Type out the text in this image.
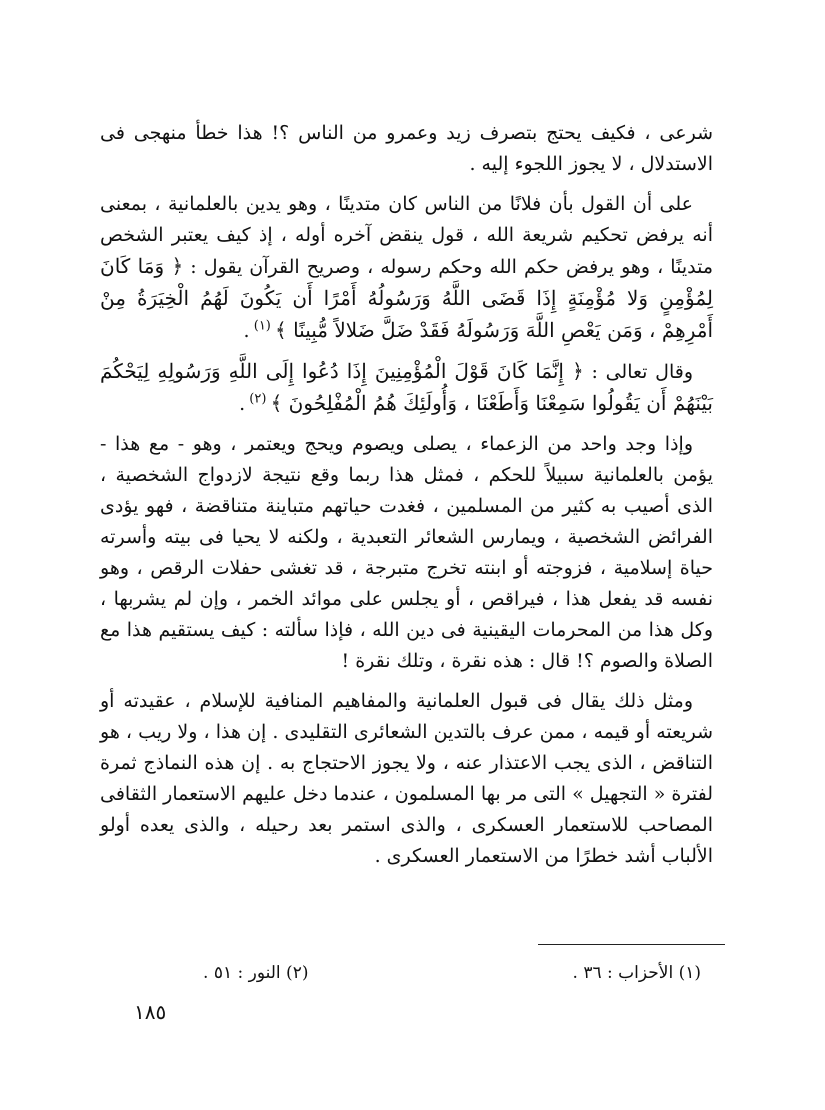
شرعى ، فكيف يحتج بتصرف زيد وعمرو من الناس ؟! هذا خطأ منهجى فى الاستدلال ، لا يجوز اللجوء إليه .

على أن القول بأن فلانًا من الناس كان متدينًا ، وهو يدين بالعلمانية ، بمعنى أنه يرفض تحكيم شريعة الله ، قول ينقض آخره أوله ، إذ كيف يعتبر الشخص متدينًا ، وهو يرفض حكم الله وحكم رسوله ، وصريح القرآن يقول : ﴿ وَمَا كَانَ لِمُؤْمِنٍ وَلا مُؤْمِنَةٍ إِذَا قَضَى اللَّهُ وَرَسُولُهُ أَمْرًا أَن يَكُونَ لَهُمُ الْخِيَرَةُ مِنْ أَمْرِهِمْ ، وَمَن يَعْصِ اللَّهَ وَرَسُولَهُ فَقَدْ ضَلَّ ضَلالاً مُّبِينًا ﴾ $^{(١)}$ .

وقال تعالى : ﴿ إِنَّمَا كَانَ قَوْلَ الْمُؤْمِنِينَ إِذَا دُعُوا إِلَى اللَّهِ وَرَسُولِهِ لِيَحْكُمَ بَيْنَهُمْ أَن يَقُولُوا سَمِعْنَا وَأَطَعْنَا ، وَأُولَئِكَ هُمُ الْمُفْلِحُونَ ﴾ $^{(٢)}$ .

وإذا وجد واحد من الزعماء ، يصلى ويصوم ويحج ويعتمر ، وهو - مع هذا - يؤمن بالعلمانية سبيلاً للحكم ، فمثل هذا ربما وقع نتيجة لازدواج الشخصية ، الذى أصيب به كثير من المسلمين ، فغدت حياتهم متباينة متناقضة ، فهو يؤدى الفرائض الشخصية ، ويمارس الشعائر التعبدية ، ولكنه لا يحيا فى بيته وأسرته حياة إسلامية ، فزوجته أو ابنته تخرج متبرجة ، قد تغشى حفلات الرقص ، وهو نفسه قد يفعل هذا ، فيراقص ، أو يجلس على موائد الخمر ، وإن لم يشربها ، وكل هذا من المحرمات اليقينية فى دين الله ، فإذا سألته : كيف يستقيم هذا مع الصلاة والصوم ؟! قال : هذه نقرة ، وتلك نقرة !

ومثل ذلك يقال فى قبول العلمانية والمفاهيم المنافية للإسلام ، عقيدته أو شريعته أو قيمه ، ممن عرف بالتدين الشعائرى التقليدى . إن هذا ، ولا ريب ، هو التناقض ، الذى يجب الاعتذار عنه ، ولا يجوز الاحتجاج به . إن هذه النماذج ثمرة لفترة « التجهيل » التى مر بها المسلمون ، عندما دخل عليهم الاستعمار الثقافى المصاحب للاستعمار العسكرى ، والذى استمر بعد رحيله ، والذى يعده أولو الألباب أشد خطرًا من الاستعمار العسكرى .

(١) الأحزاب : ٣٦ .
(٢) النور : ٥١ .
١٨٥
